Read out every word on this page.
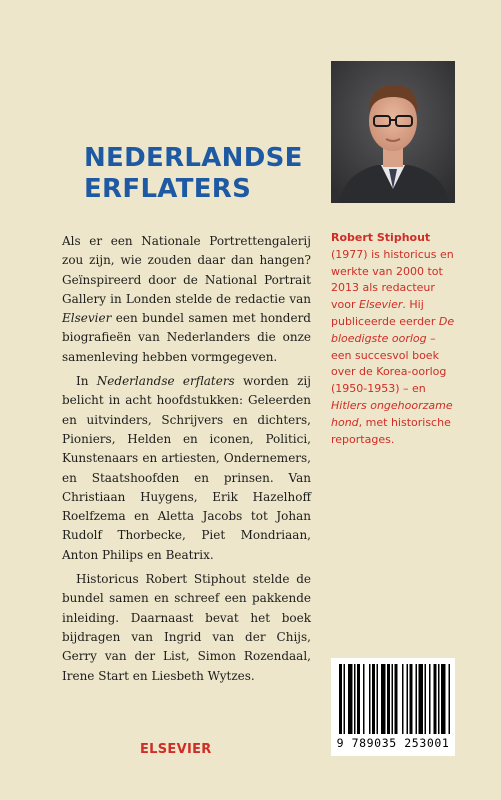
NEDERLANDSE
ERFLATERS

Als er een Nationale Portrettengalerij zou zijn, wie zouden daar dan hangen? Geïnspireerd door de National Portrait Gallery in Londen stelde de redactie van Elsevier een bundel samen met honderd biografieën van Nederlanders die onze samenleving hebben vormgegeven.

In Nederlandse erflaters worden zij belicht in acht hoofdstukken: Geleerden en uitvinders, Schrijvers en dichters, Pioniers, Helden en iconen, Politici, Kunstenaars en artiesten, Ondernemers, en Staatshoofden en prinsen. Van Christiaan Huygens, Erik Hazelhoff Roelfzema en Aletta Jacobs tot Johan Rudolf Thorbecke, Piet Mondriaan, Anton Philips en Beatrix.

Historicus Robert Stiphout stelde de bundel samen en schreef een pakkende inleiding. Daarnaast bevat het boek bijdragen van Ingrid van der Chijs, Gerry van der List, Simon Rozendaal, Irene Start en Liesbeth Wytzes.

Robert Stiphout
(1977) is historicus en werkte van 2000 tot 2013 als redacteur voor Elsevier. Hij publiceerde eerder De bloedigste oorlog – een succesvol boek over de Korea-oorlog (1950-1953) – en Hitlers ongehoorzame hond, met historische reportages.
ELSEVIER	9 789035 253001
